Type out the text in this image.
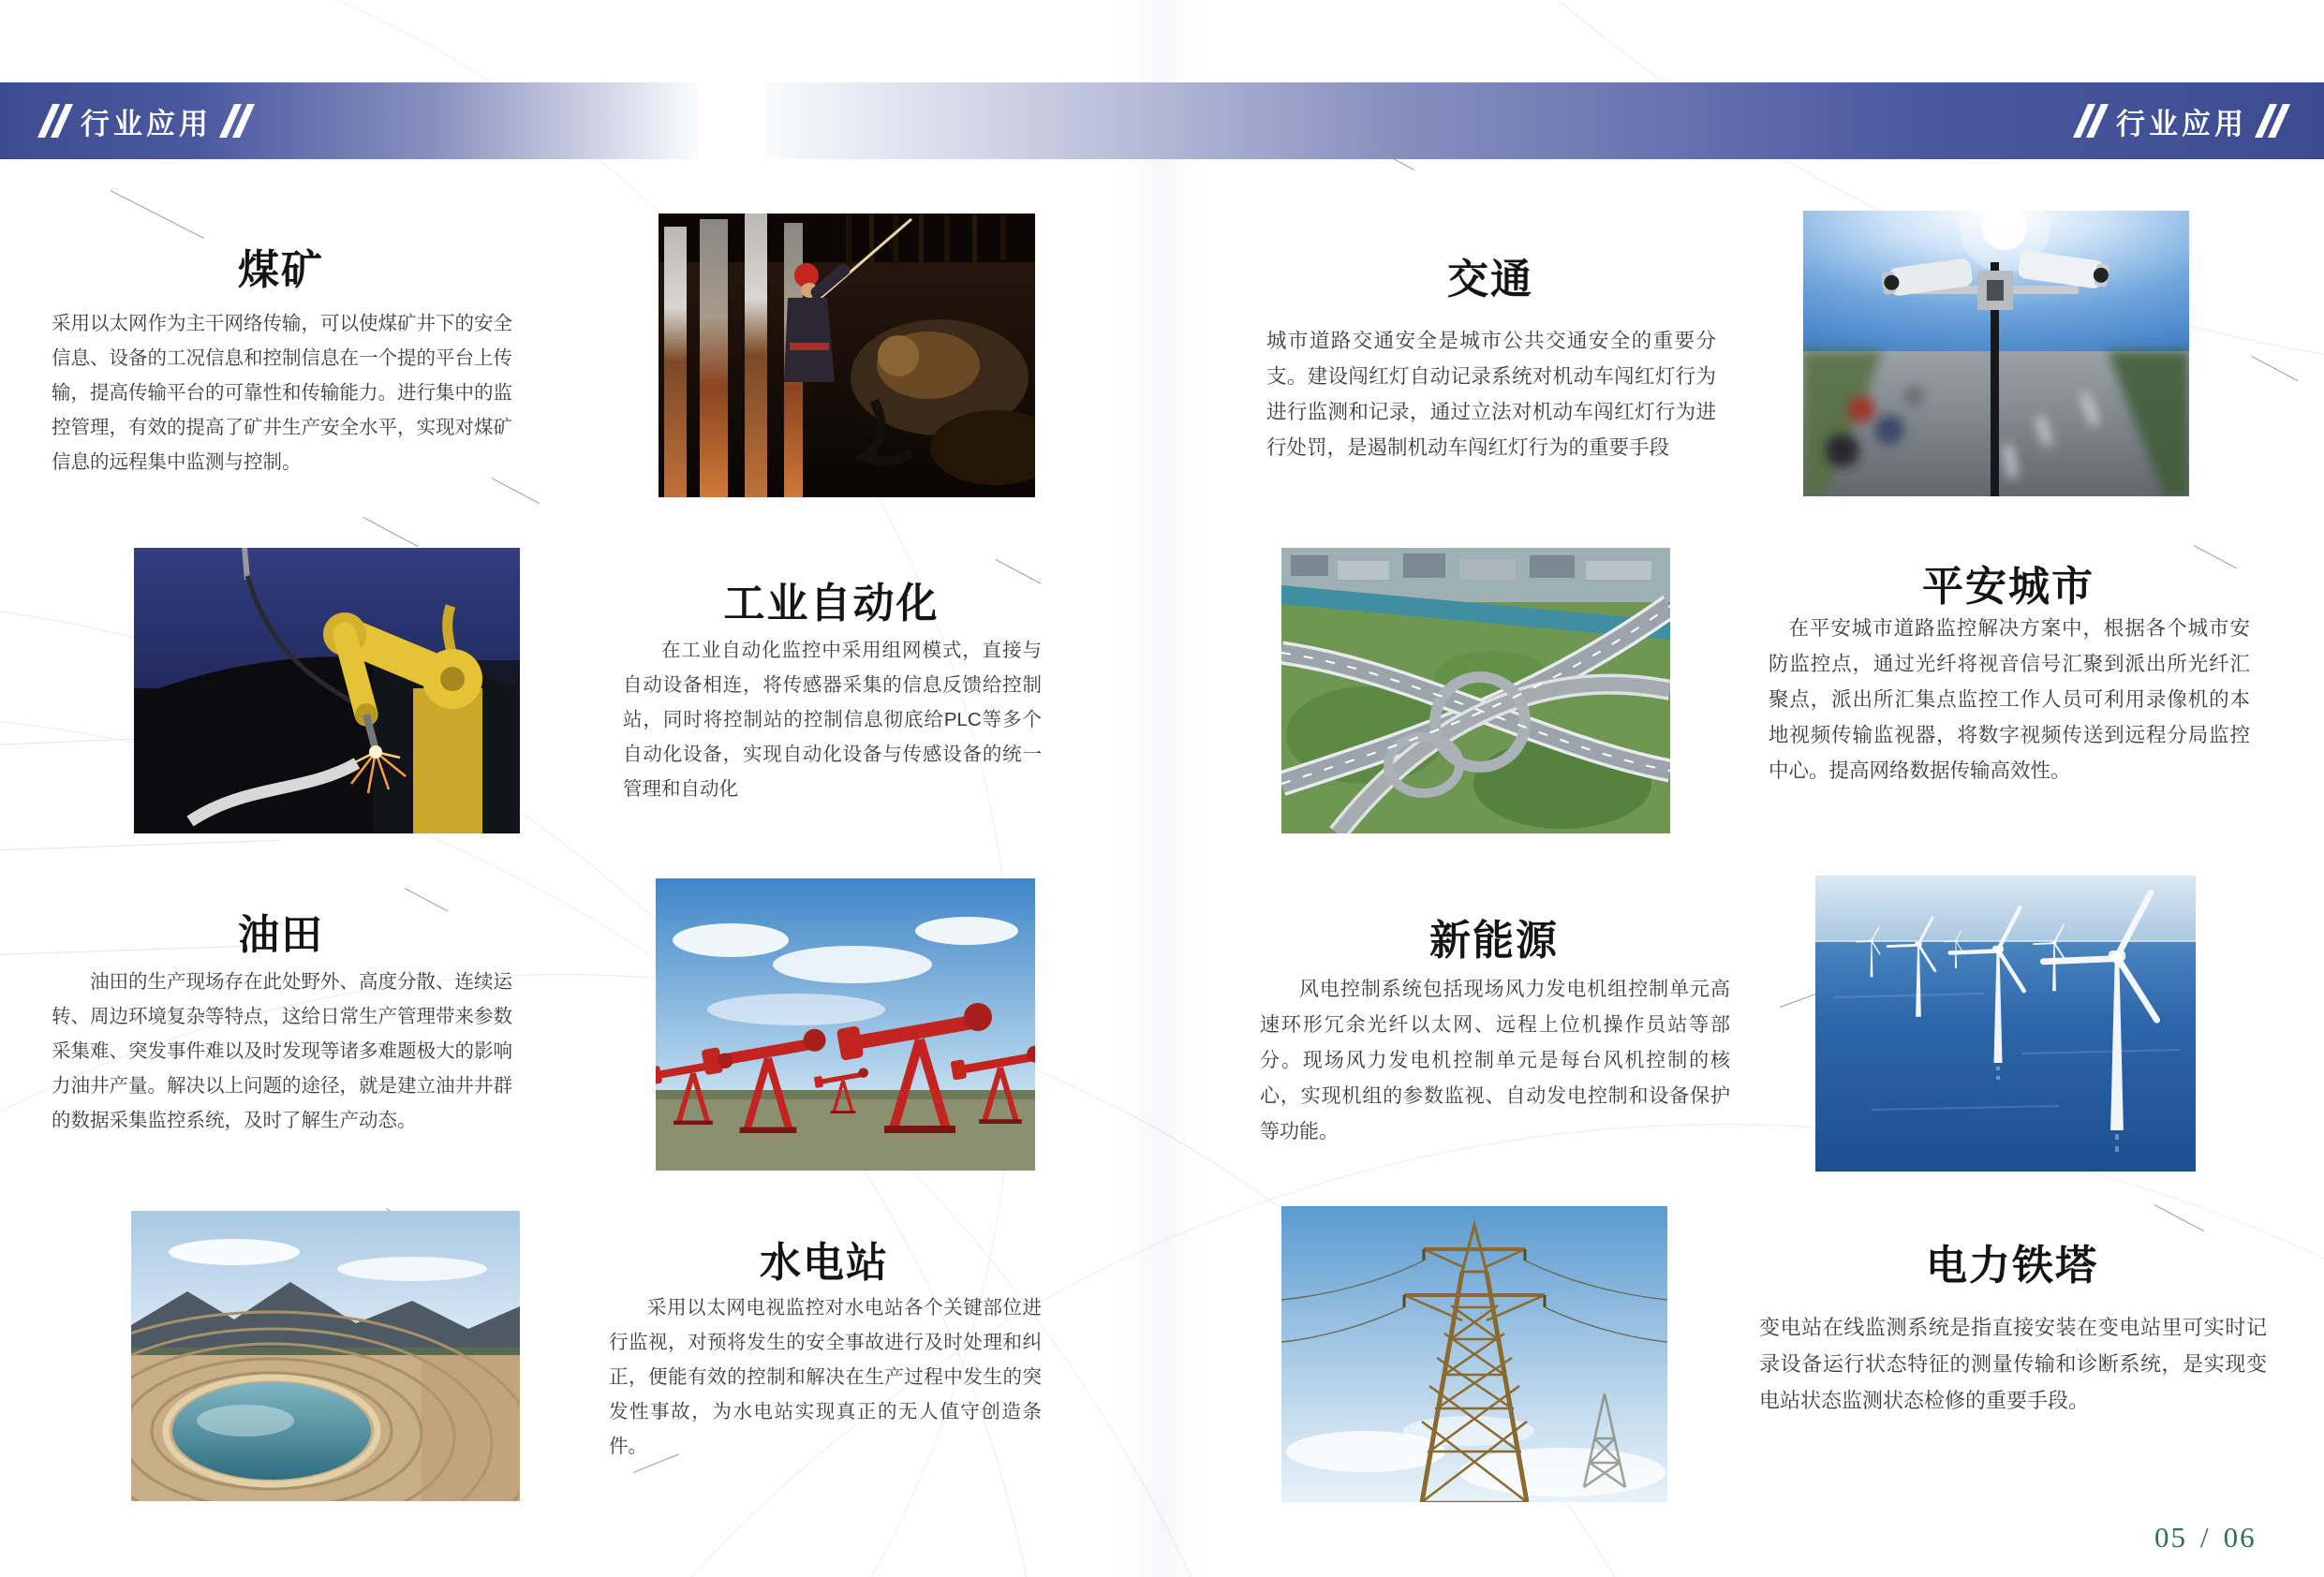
行业应用	行业应用
煤矿
采用以太网作为主干网络传输，可以使煤矿井下的安全信息、设备的工况信息和控制信息在一个提的平台上传输，提高传输平台的可靠性和传输能力。进行集中的监控管理，有效的提高了矿井生产安全水平，实现对煤矿信息的远程集中监测与控制。
工业自动化
在工业自动化监控中采用组网模式，直接与自动设备相连，将传感器采集的信息反馈给控制站，同时将控制站的控制信息彻底给PLC等多个自动化设备，实现自动化设备与传感设备的统一管理和自动化
油田
油田的生产现场存在此处野外、高度分散、连续运转、周边环境复杂等特点，这给日常生产管理带来参数采集难、突发事件难以及时发现等诸多难题极大的影响力油井产量。解决以上问题的途径，就是建立油井井群的数据采集监控系统，及时了解生产动态。
水电站
采用以太网电视监控对水电站各个关键部位进行监视，对预将发生的安全事故进行及时处理和纠正，便能有效的控制和解决在生产过程中发生的突发性事故，为水电站实现真正的无人值守创造条件。
交通
城市道路交通安全是城市公共交通安全的重要分支。建设闯红灯自动记录系统对机动车闯红灯行为进行监测和记录，通过立法对机动车闯红灯行为进行处罚，是遏制机动车闯红灯行为的重要手段
平安城市
在平安城市道路监控解决方案中，根据各个城市安防监控点，通过光纤将视音信号汇聚到派出所光纤汇聚点，派出所汇集点监控工作人员可利用录像机的本地视频传输监视器，将数字视频传送到远程分局监控中心。提高网络数据传输高效性。
新能源
风电控制系统包括现场风力发电机组控制单元高速环形冗余光纤以太网、远程上位机操作员站等部分。现场风力发电机控制单元是每台风机控制的核心，实现机组的参数监视、自动发电控制和设备保护等功能。
电力铁塔
变电站在线监测系统是指直接安装在变电站里可实时记录设备运行状态特征的测量传输和诊断系统，是实现变电站状态监测状态检修的重要手段。
05 / 06
